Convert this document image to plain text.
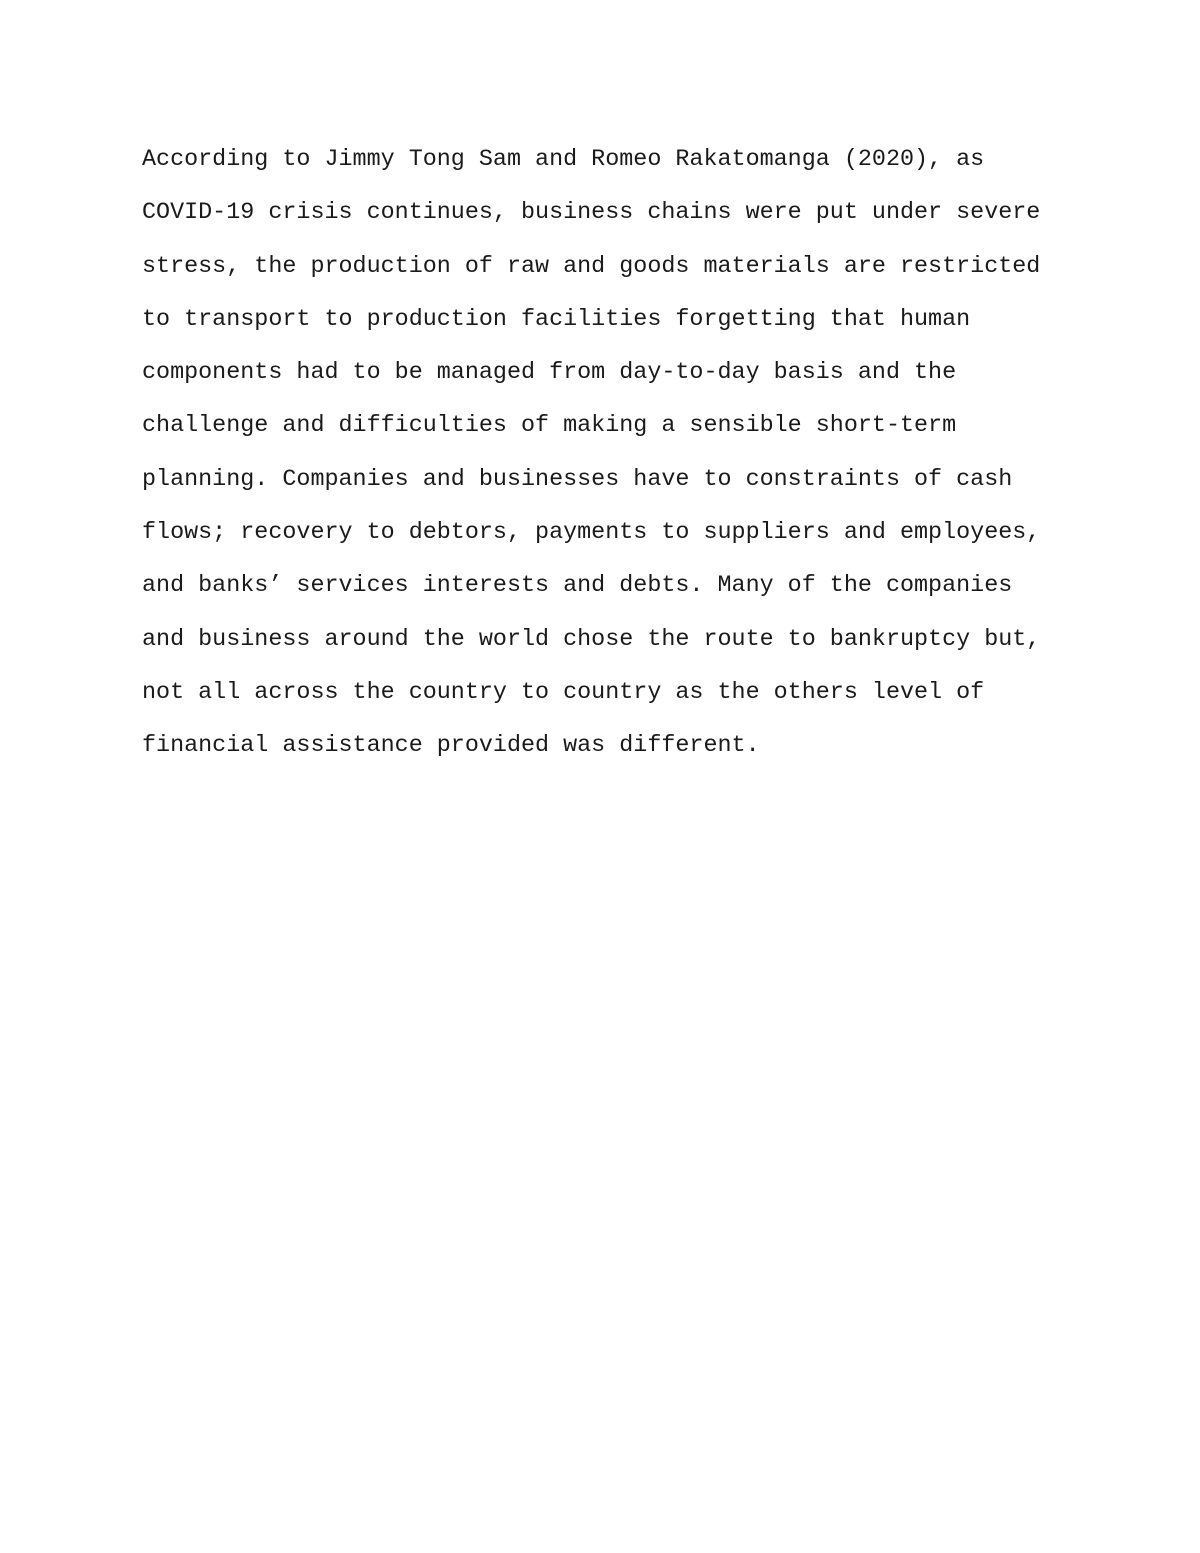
According to Jimmy Tong Sam and Romeo Rakatomanga (2020), as
COVID-19 crisis continues, business chains were put under severe
stress, the production of raw and goods materials are restricted
to transport to production facilities forgetting that human
components had to be managed from day-to-day basis and the
challenge and difficulties of making a sensible short-term
planning. Companies and businesses have to constraints of cash
flows; recovery to debtors, payments to suppliers and employees,
and banks’ services interests and debts. Many of the companies
and business around the world chose the route to bankruptcy but,
not all across the country to country as the others level of
financial assistance provided was different.
